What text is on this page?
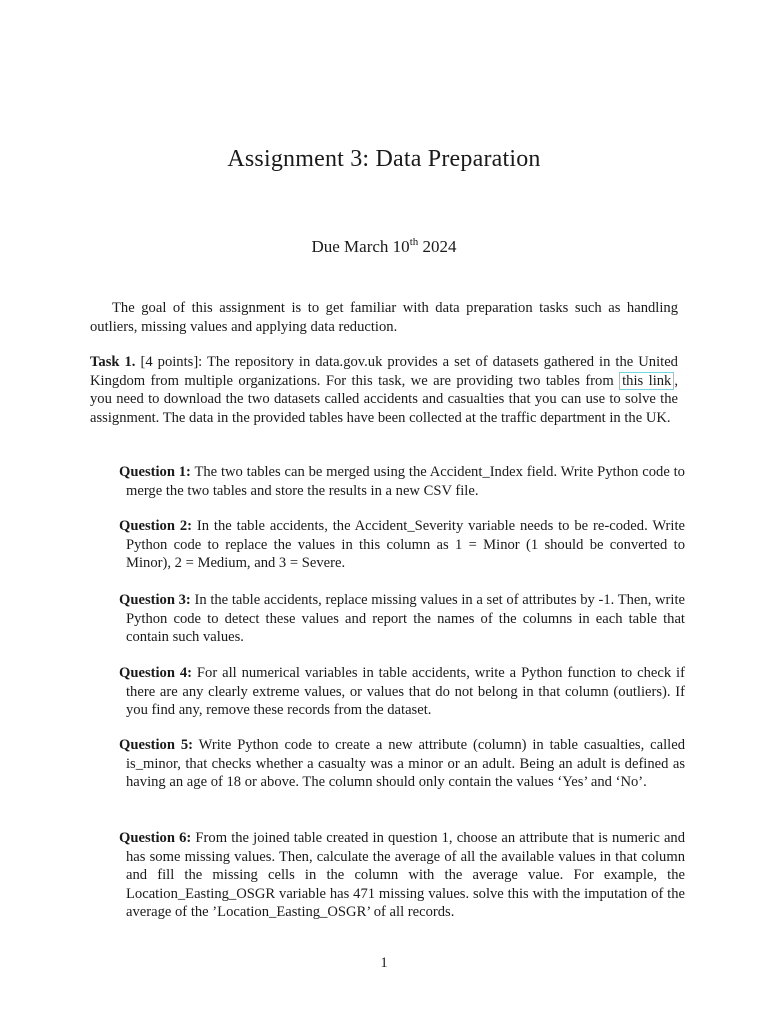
Assignment 3: Data Preparation
Due March 10th 2024

The goal of this assignment is to get familiar with data preparation tasks such as handling outliers, missing values and applying data reduction.

Task 1. [4 points]: The repository in data.gov.uk provides a set of datasets gathered in the United Kingdom from multiple organizations. For this task, we are providing two tables from this link , you need to download the two datasets called accidents and casualties that you can use to solve the assignment. The data in the provided tables have been collected at the traffic department in the UK.

Question 1: The two tables can be merged using the Accident_Index field. Write Python code to merge the two tables and store the results in a new CSV file.

Question 2: In the table accidents, the Accident_Severity variable needs to be re-coded. Write Python code to replace the values in this column as 1 = Minor (1 should be converted to Minor), 2 = Medium, and 3 = Severe.

Question 3: In the table accidents, replace missing values in a set of attributes by -1. Then, write Python code to detect these values and report the names of the columns in each table that contain such values.

Question 4: For all numerical variables in table accidents, write a Python function to check if there are any clearly extreme values, or values that do not belong in that column (outliers). If you find any, remove these records from the dataset.

Question 5: Write Python code to create a new attribute (column) in table casualties, called is_minor, that checks whether a casualty was a minor or an adult. Being an adult is defined as having an age of 18 or above. The column should only contain the values ‘Yes’ and ‘No’.

Question 6: From the joined table created in question 1, choose an attribute that is numeric and has some missing values. Then, calculate the average of all the available values in that column and fill the missing cells in the column with the average value. For example, the Location_Easting_OSGR variable has 471 missing values. solve this with the imputation of the average of the ’Location_Easting_OSGR’ of all records.

1
